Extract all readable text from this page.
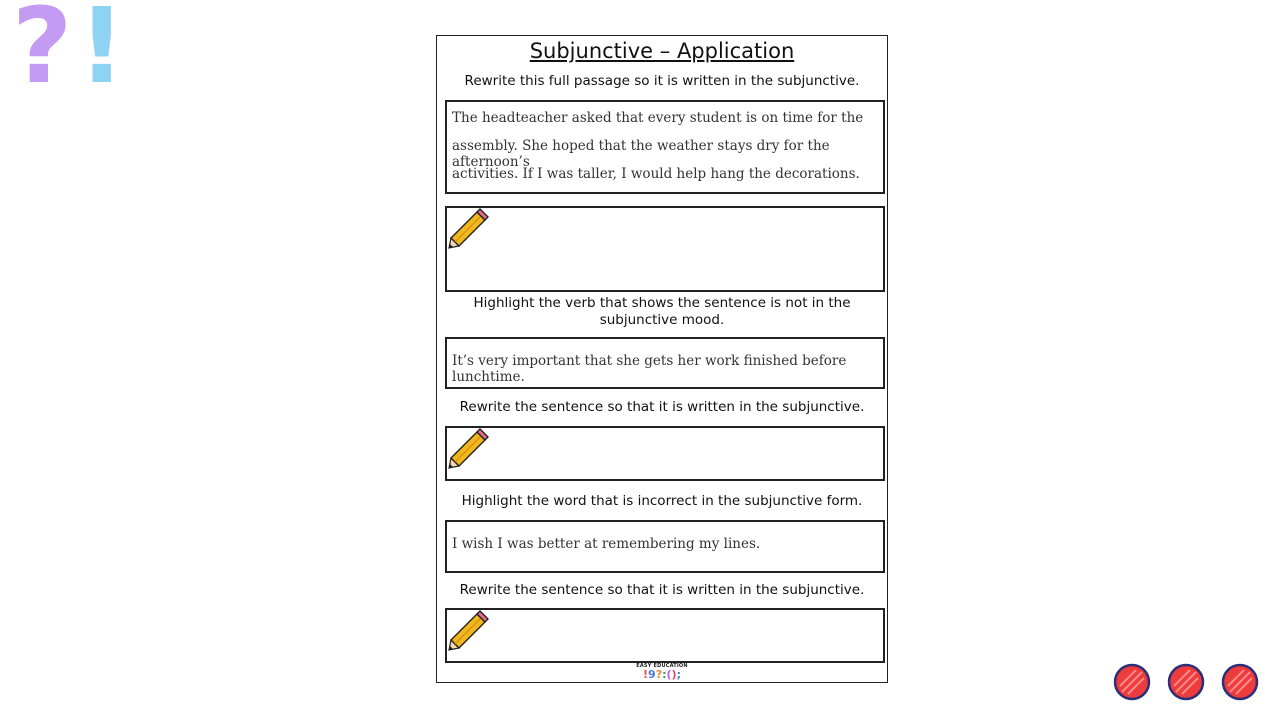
? !	Subjunctive – Application
Rewrite this full passage so it is written in the subjunctive.
The headteacher asked that every student is on time for the
assembly. She hoped that the weather stays dry for the afternoon’s
activities. If I was taller, I would help hang the decorations.
Highlight the verb that shows the sentence is not in the subjunctive mood.
It’s very important that she gets her work finished before lunchtime.
Rewrite the sentence so that it is written in the subjunctive.
Highlight the word that is incorrect in the subjunctive form.
I wish I was better at remembering my lines.
Rewrite the sentence so that it is written in the subjunctive.
EASY EDUCATION
!9?:();
